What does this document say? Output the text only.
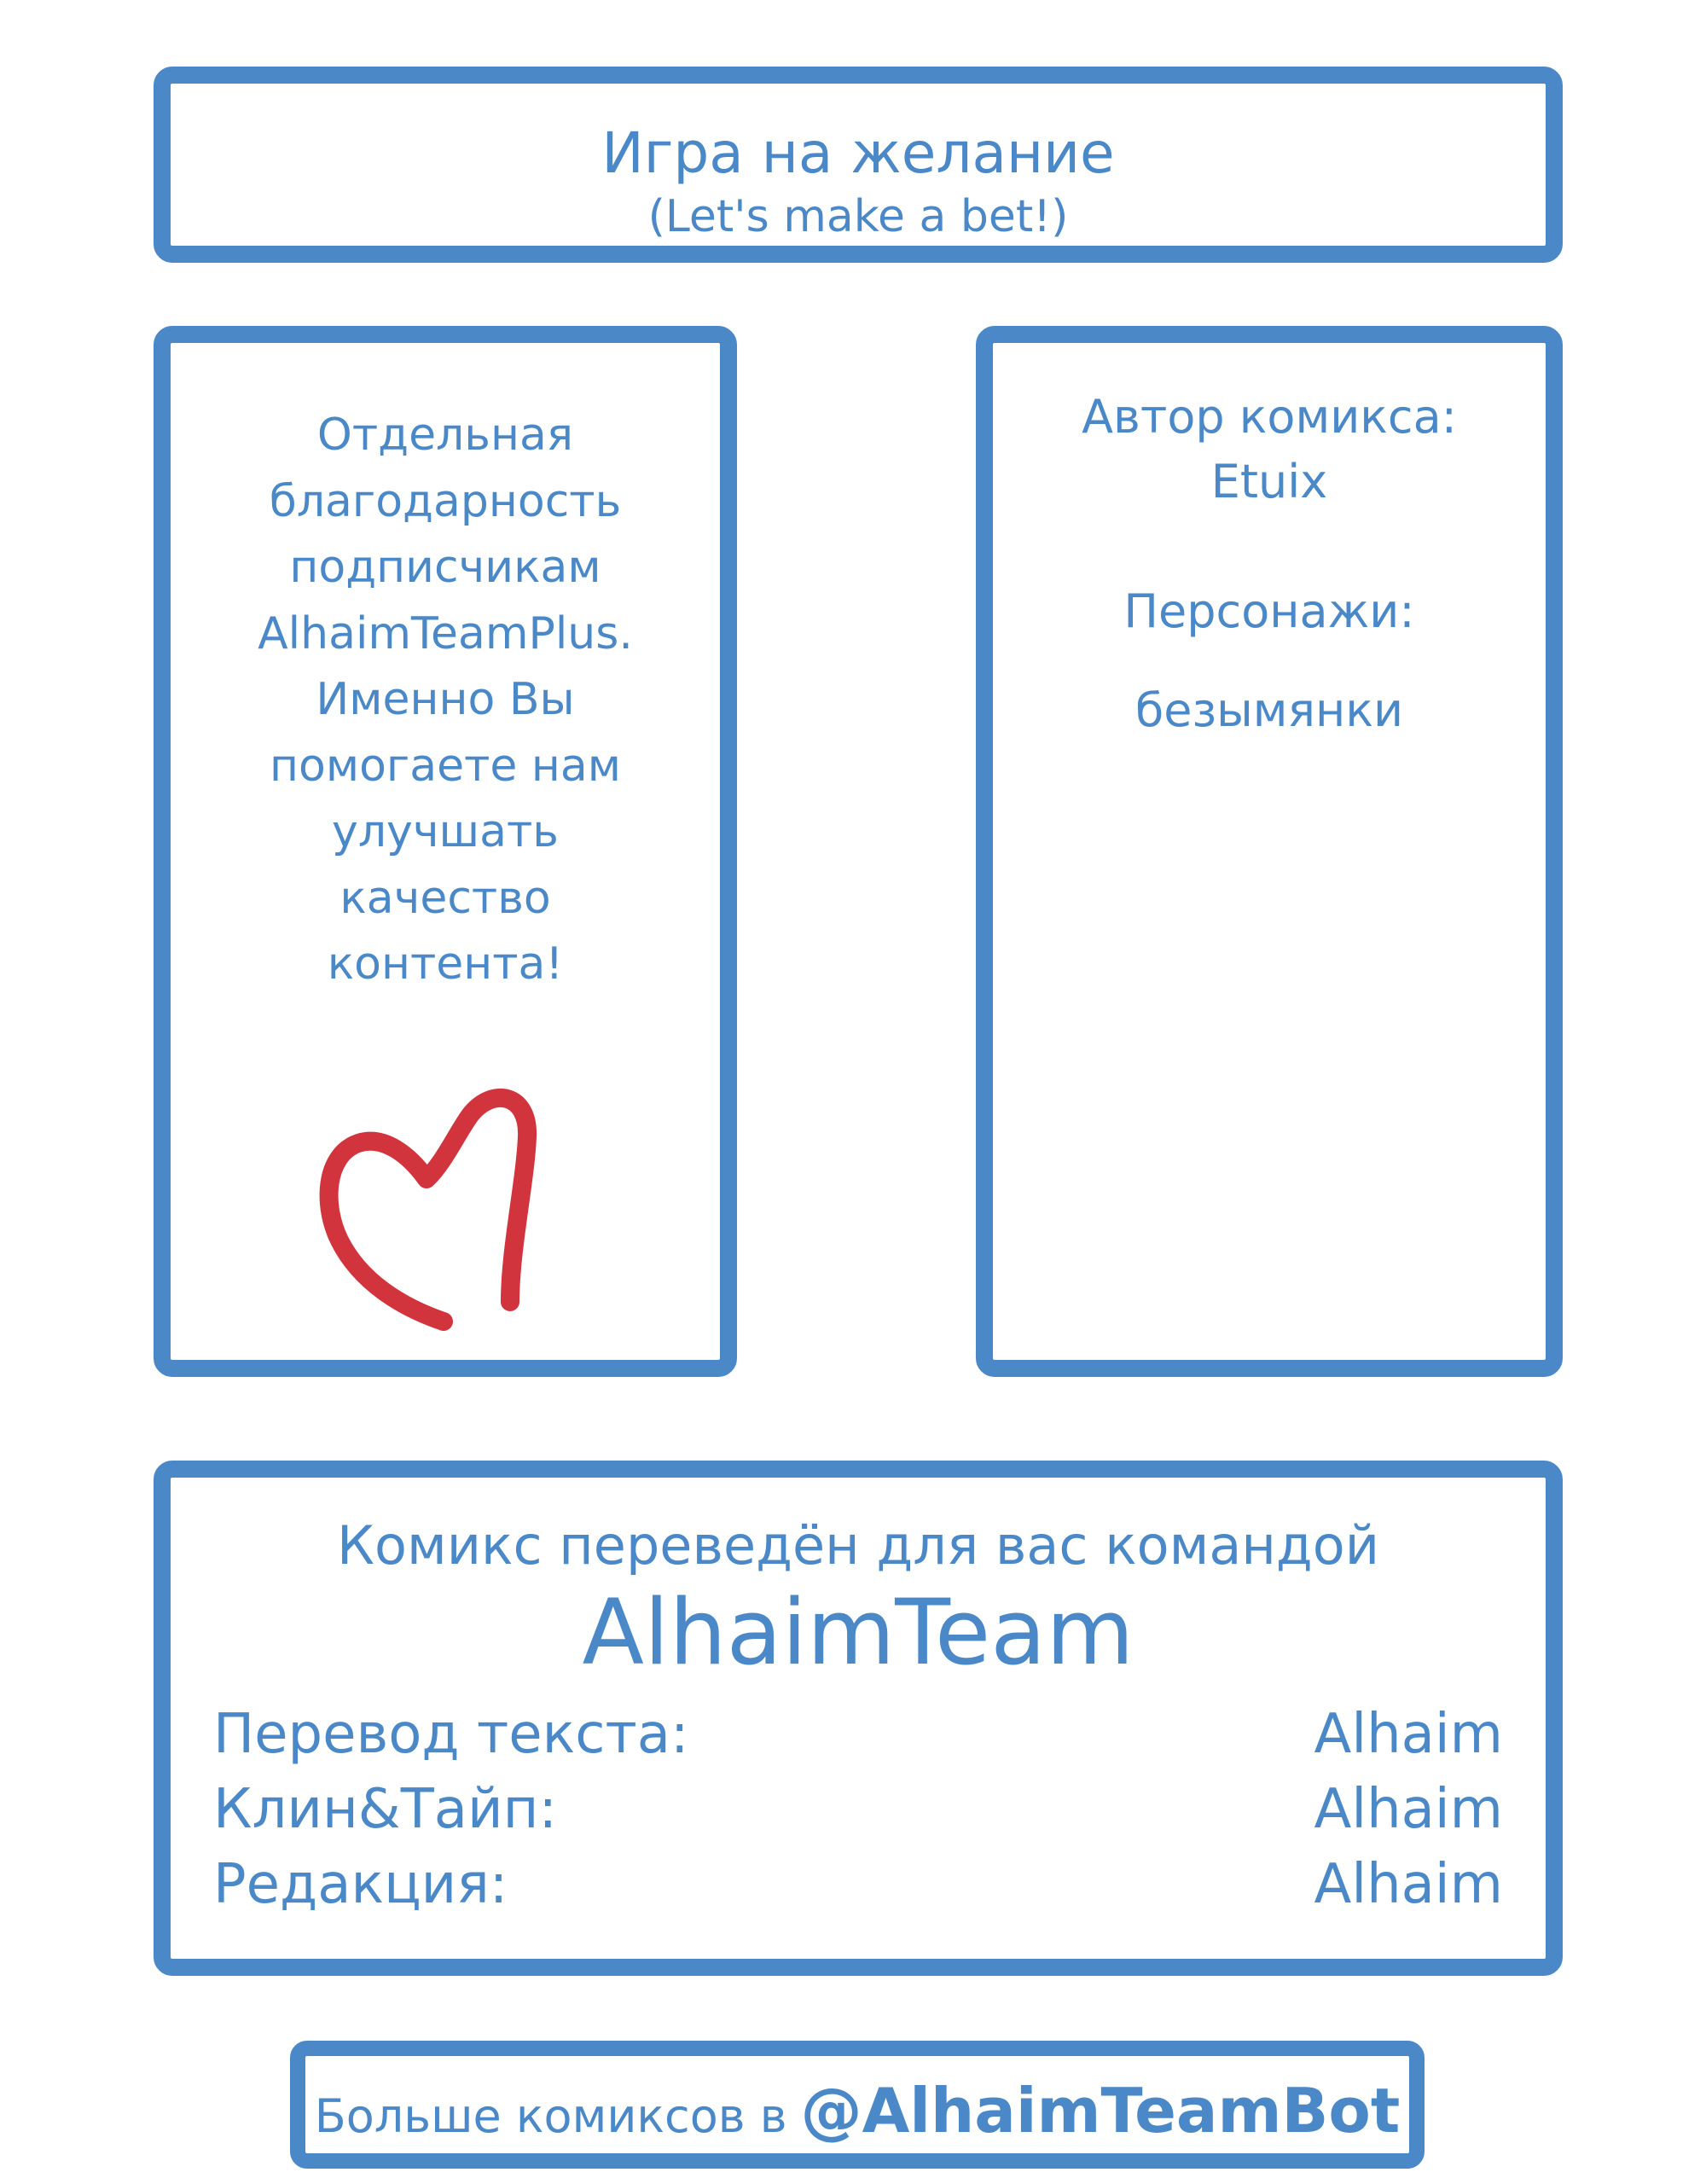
Игра на желание
(Let's make a bet!)
Отдельная
благодарность
подписчикам
AlhaimTeamPlus.
Именно Вы
помогаете нам
улучшать
качество
контента!
Автор комикса:
Etuix
Персонажи:
безымянки
Комикс переведён для вас командой
AlhaimTeam
Перевод текста:	Alhaim
Клин&Тайп:	Alhaim
Редакция:	Alhaim
Больше комиксов в @AlhaimTeamBot
